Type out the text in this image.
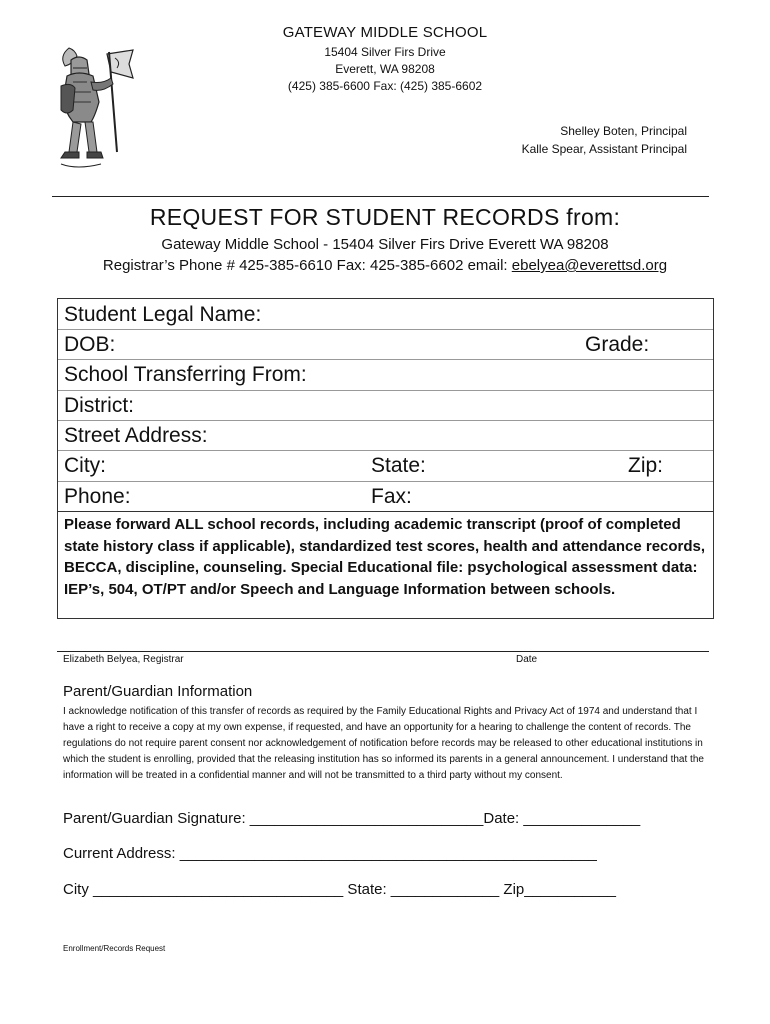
GATEWAY MIDDLE SCHOOL
15404 Silver Firs Drive
Everett, WA 98208
(425) 385-6600 Fax: (425) 385-6602
Shelley Boten, Principal
Kalle Spear, Assistant Principal
REQUEST FOR STUDENT RECORDS from:
Gateway Middle School - 15404 Silver Firs Drive Everett WA 98208
Registrar’s Phone # 425-385-6610 Fax: 425-385-6602 email: ebelyea@everettsd.org
Student Legal Name:
DOB:	Grade:
School Transferring From:
District:
Street Address:
City:	State:	Zip:
Phone:	Fax:
Please forward ALL school records, including academic transcript (proof of completed state history class if applicable), standardized test scores, health and attendance records, BECCA, discipline, counseling. Special Educational file: psychological assessment data: IEP’s, 504, OT/PT and/or Speech and Language Information between schools.
Elizabeth Belyea, Registrar	Date
Parent/Guardian Information
I acknowledge notification of this transfer of records as required by the Family Educational Rights and Privacy Act of 1974 and understand that I have a right to receive a copy at my own expense, if requested, and have an opportunity for a hearing to challenge the content of records. The regulations do not require parent consent nor acknowledgement of notification before records may be released to other educational institutions in which the student is enrolling, provided that the releasing institution has so informed its parents in a general announcement. I understand that the information will be treated in a confidential manner and will not be transmitted to a third party without my consent.
Parent/Guardian Signature: ____________________________Date: ______________
Current Address: __________________________________________________
City ______________________________ State: _____________ Zip___________
Enrollment/Records Request
